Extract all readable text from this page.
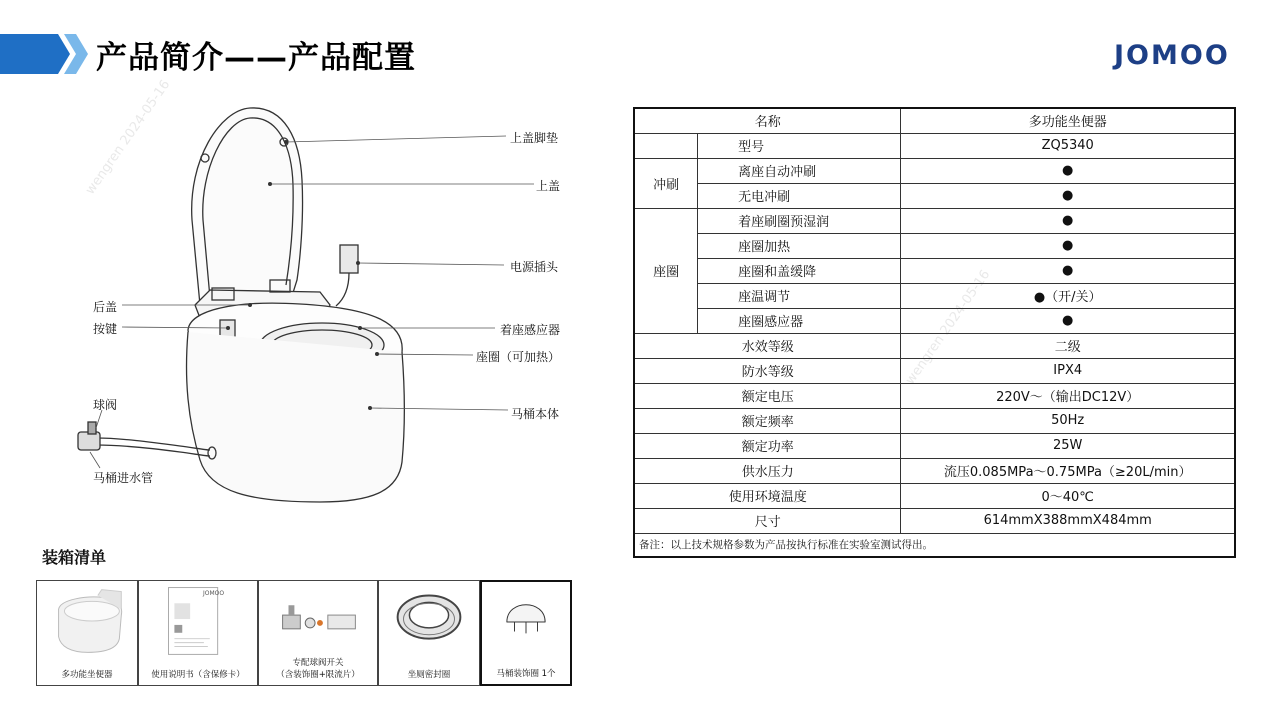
产品简介——产品配置	JOMOO
上盖脚垫
上盖
电源插头
后盖
按键	着座感应器
座圈（可加热）
球阀
马桶本体
马桶进水管
wengren 2024-05-16
wengren 2024-05-16
装箱清单
多功能坐便器
JOMOO
使用说明书（含保修卡）
专配球阀开关
（含装饰圈+限流片）	坐厕密封圈	马桶装饰圈 1个
名称		多功能坐便器
	型号	ZQ5340
冲刷	离座自动冲刷	●
	无电冲刷	●
座圈	着座刷圈预湿润	●
	座圈加热	●
	座圈和盖缓降	●
	座温调节	●（开/关）
	座圈感应器	●
水效等级		二级
防水等级		IPX4
额定电压		220V～（输出DC12V）
额定频率		50Hz
额定功率		25W
供水压力		流压0.085MPa～0.75MPa（≥20L/min）
使用环境温度		0～40℃
尺寸		614mmX388mmX484mm
备注：以上技术规格参数为产品按执行标准在实验室测试得出。		
